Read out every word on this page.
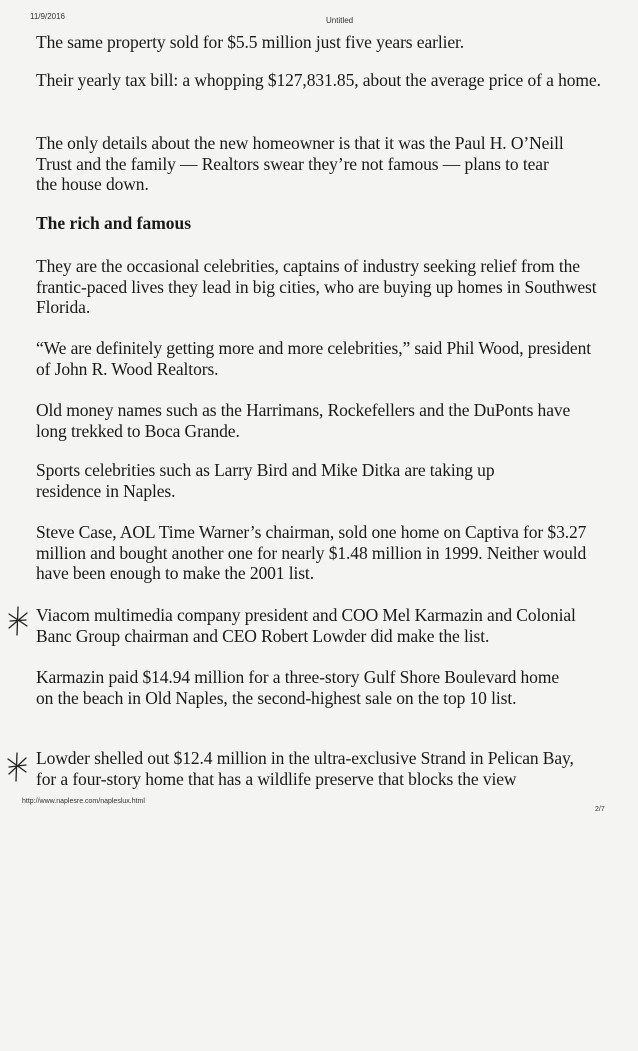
11/9/2016	Untitled

The same property sold for $5.5 million just five years earlier.

Their yearly tax bill: a whopping $127,831.85, about the average price of a home.

The only details about the new homeowner is that it was the Paul H. O’Neill Trust and the family — Realtors swear they’re not famous — plans to tear the house down.

The rich and famous

They are the occasional celebrities, captains of industry seeking relief from the frantic-paced lives they lead in big cities, who are buying up homes in Southwest Florida.

“We are definitely getting more and more celebrities,” said Phil Wood, president of John R. Wood Realtors.

Old money names such as the Harrimans, Rockefellers and the DuPonts have long trekked to Boca Grande.

Sports celebrities such as Larry Bird and Mike Ditka are taking up residence in Naples.

Steve Case, AOL Time Warner’s chairman, sold one home on Captiva for $3.27 million and bought another one for nearly $1.48 million in 1999. Neither would have been enough to make the 2001 list.

Viacom multimedia company president and COO Mel Karmazin and Colonial Banc Group chairman and CEO Robert Lowder did make the list.

Karmazin paid $14.94 million for a three-story Gulf Shore Boulevard home on the beach in Old Naples, the second-highest sale on the top 10 list.

Lowder shelled out $12.4 million in the ultra-exclusive Strand in Pelican Bay, for a four-story home that has a wildlife preserve that blocks the view

http://www.naplesre.com/napleslux.html
2/7
